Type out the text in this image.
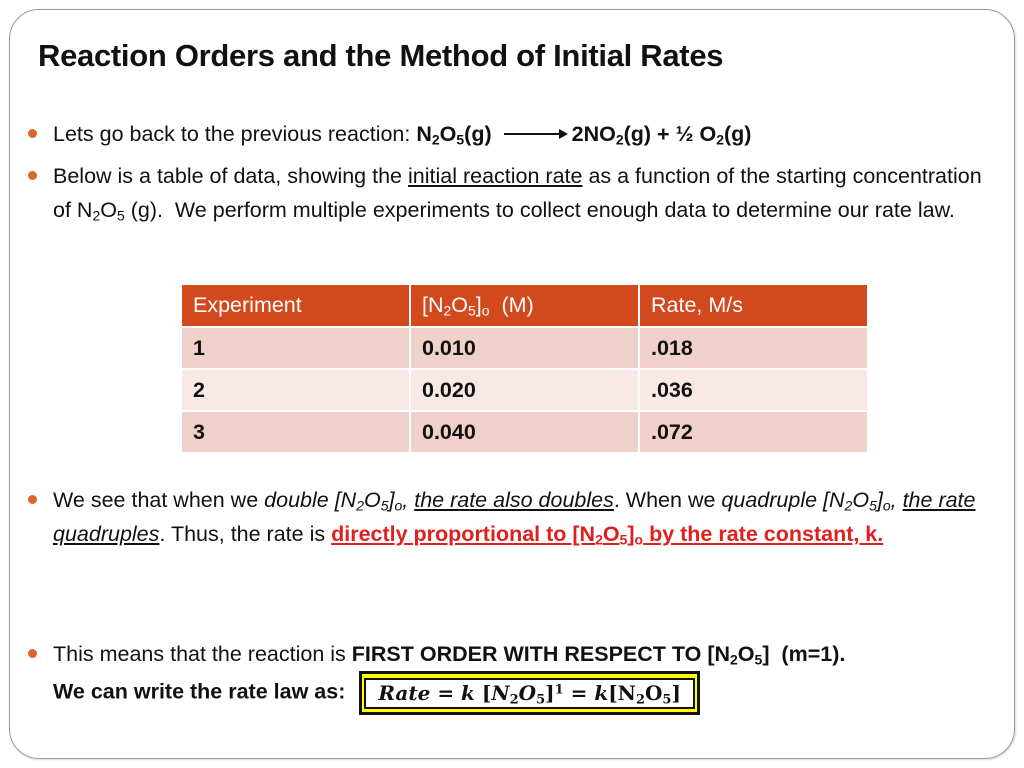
Reaction Orders and the Method of Initial Rates
Lets go back to the previous reaction: $N_2O_5(g)$	$2NO_2(g)$ + ½ $O_2(g)$
Below is a table of data, showing the initial reaction rate as a function of the starting concentration of $N_2O_5$ (g).  We perform multiple experiments to collect enough data to determine our rate law.
Experiment	$[N_2O_5]_o$  (M)	Rate, M/s
1	0.010	.018
2	0.020	.036
3	0.040	.072
We see that when we double $[N_2O_5]_o$, the rate also doubles. When we quadruple $[N_2O_5]_o$, the rate quadruples. Thus, the rate is directly proportional to $[N_2O_5]_o$ by the rate constant, k.
This means that the reaction is FIRST ORDER WITH RESPECT TO $[N_2O_5]$  (m=1).
We can write the rate law as: Rate = k $[N_2O_5]^1 = k[N_2O_5]$
